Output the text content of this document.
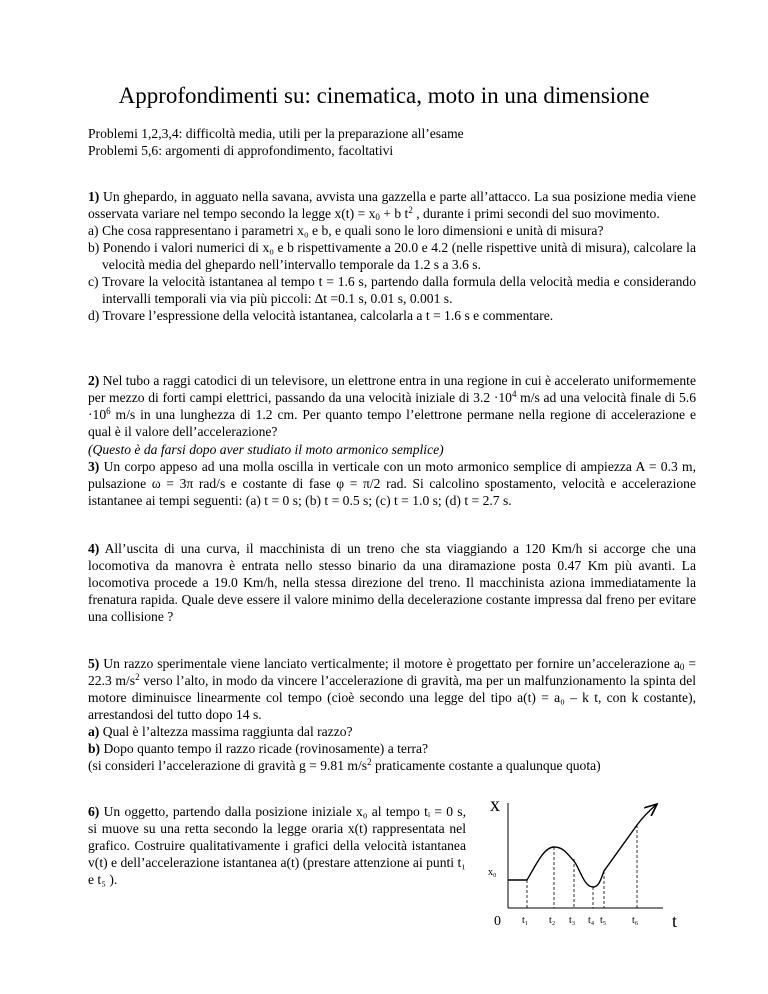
Approfondimenti su: cinematica, moto in una dimensione

Problemi 1,2,3,4: difficoltà media, utili per la preparazione all’esame

Problemi 5,6: argomenti di approfondimento, facoltativi

1) Un ghepardo, in agguato nella savana, avvista una gazzella e parte all’attacco. La sua posizione media viene osservata variare nel tempo secondo la legge $x(t) = x_0 + b$ $t^2$ , durante i primi secondi del suo movimento.

a) Che cosa rappresentano i parametri x₀ e b, e quali sono le loro dimensioni e unità di misura?

b) Ponendo i valori numerici di x₀ e b rispettivamente a 20.0 e 4.2 (nelle rispettive unità di misura), calcolare la velocità media del ghepardo nell’intervallo temporale da 1.2 s a 3.6 s.

c) Trovare la velocità istantanea al tempo t = 1.6 s, partendo dalla formula della velocità media e considerando intervalli temporali via via più piccoli: ∆t =0.1 s, 0.01 s, 0.001 s.

d) Trovare l’espressione della velocità istantanea, calcolarla a t = 1.6 s e commentare.

2) Nel tubo a raggi catodici di un televisore, un elettrone entra in una regione in cui è accelerato uniformemente per mezzo di forti campi elettrici, passando da una velocità iniziale di $3.2 \cdot 10^4$ m/s ad una velocità finale di $5.6 \cdot 10^6$ m/s in una lunghezza di 1.2 cm. Per quanto tempo l’elettrone permane nella regione di accelerazione e qual è il valore dell’accelerazione?

(Questo è da farsi dopo aver studiato il moto armonico semplice)

3) Un corpo appeso ad una molla oscilla in verticale con un moto armonico semplice di ampiezza A = 0.3 m, pulsazione ω = 3π rad/s e costante di fase φ = π/2 rad. Si calcolino spostamento, velocità e accelerazione istantanee ai tempi seguenti: (a) t = 0 s; (b) t = 0.5 s; (c) t = 1.0 s; (d) t = 2.7 s.

4) All’uscita di una curva, il macchinista di un treno che sta viaggiando a 120 Km/h si accorge che una locomotiva da manovra è entrata nello stesso binario da una diramazione posta 0.47 Km più avanti. La locomotiva procede a 19.0 Km/h, nella stessa direzione del treno. Il macchinista aziona immediatamente la frenatura rapida. Quale deve essere il valore minimo della decelerazione costante impressa dal freno per evitare una collisione ?

5) Un razzo sperimentale viene lanciato verticalmente; il motore è progettato per fornire un’accelerazione $a_0 = 22.3$ $m/s^2$ verso l’alto, in modo da vincere l’accelerazione di gravità, ma per un malfunzionamento la spinta del motore diminuisce linearmente col tempo (cioè secondo una legge del tipo a(t) = a₀ – k t, con k costante), arrestandosi del tutto dopo 14 s.

a) Qual è l’altezza massima raggiunta dal razzo?

b) Dopo quanto tempo il razzo ricade (rovinosamente) a terra?

(si consideri l’accelerazione di gravità g = 9.81 $m/s^2$ praticamente costante a qualunque quota)

6) Un oggetto, partendo dalla posizione iniziale x₀ al tempo tᵢ = 0 s, si muove su una retta secondo la legge oraria x(t) rappresentata nel grafico. Costruire qualitativamente i grafici della velocità istantanea v(t) e dell’accelerazione istantanea a(t) (prestare attenzione ai punti t₁ e t₅ ).

x
x₀
0 t₁ t₂ t₃ t₄ t₅	t₆ t
